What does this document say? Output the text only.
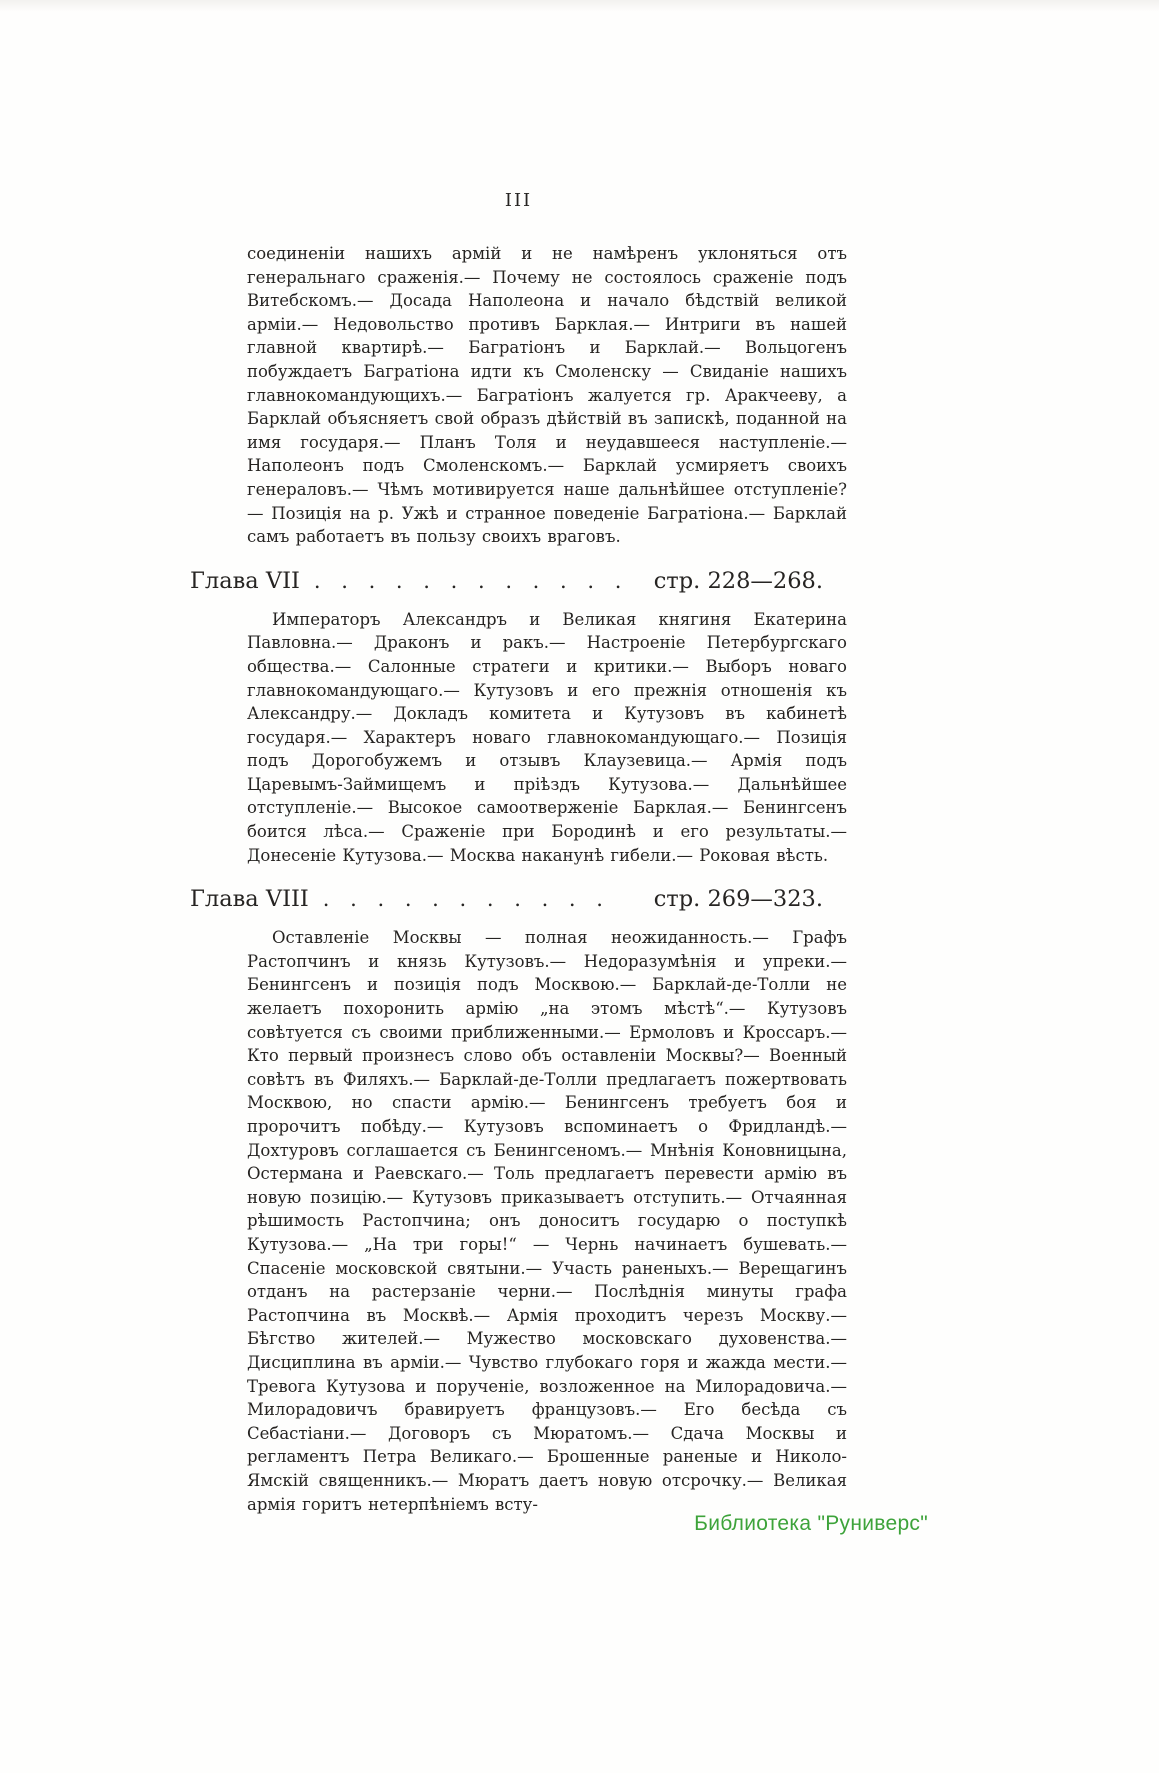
III

соединеніи нашихъ армій и не намѣренъ уклоняться отъ генеральнаго сраженія.— Почему не состоялось сраженіе подъ Витебскомъ.— Досада Наполеона и начало бѣдствій великой арміи.— Недовольство противъ Барклая.— Интриги въ нашей главной квартирѣ.— Багратіонъ и Барклай.— Вольцогенъ побуждаетъ Багратіона идти къ Смоленску — Свиданіе нашихъ главнокомандующихъ.— Багратіонъ жалуется гр. Аракчееву, а Барклай объясняетъ свой образъ дѣйствій въ запискѣ, поданной на имя государя.— Планъ Толя и неудавшееся наступленіе.— Наполеонъ подъ Смоленскомъ.— Барклай усмиряетъ своихъ генераловъ.— Чѣмъ мотивируется наше дальнѣйшее отступленіе?— Позиція на р. Ужѣ и странное поведеніе Багратіона.— Барклай самъ работаетъ въ пользу своихъ враговъ.

Глава VII . . . . . . . . . . . .	стр. 228—268.

Императоръ Александръ и Великая княгиня Екатерина Павловна.— Драконъ и ракъ.— Настроеніе Петербургскаго общества.— Салонные стратеги и критики.— Выборъ новаго главнокомандующаго.— Кутузовъ и его прежнія отношенія къ Александру.— Докладъ комитета и Кутузовъ въ кабинетѣ государя.— Характеръ новаго главнокомандующаго.— Позиція подъ Дорогобужемъ и отзывъ Клаузевица.— Армія подъ Царевымъ-Займищемъ и пріѣздъ Кутузова.— Дальнѣйшее отступленіе.— Высокое самоотверженіе Барклая.— Бенингсенъ боится лѣса.— Сраженіе при Бородинѣ и его результаты.— Донесеніе Кутузова.— Москва наканунѣ гибели.— Роковая вѣсть.

Глава VIII . . . . . . . . . . .	стр. 269—323.

Оставленіе Москвы — полная неожиданность.— Графъ Растопчинъ и князь Кутузовъ.— Недоразумѣнія и упреки.— Бенингсенъ и позиція подъ Москвою.— Барклай-де-Толли не желаетъ похоронить армію „на этомъ мѣстѣ“.— Кутузовъ совѣтуется съ своими приближенными.— Ермоловъ и Кроссаръ.— Кто первый произнесъ слово объ оставленіи Москвы?— Военный совѣтъ въ Филяхъ.— Барклай-де-Толли предлагаетъ пожертвовать Москвою, но спасти армію.— Бенингсенъ требуетъ боя и пророчитъ побѣду.— Кутузовъ вспоминаетъ о Фридландѣ.— Дохтуровъ соглашается съ Бенингсеномъ.— Мнѣнія Коновницына, Остермана и Раевскаго.— Толь предлагаетъ перевести армію въ новую позицію.— Кутузовъ приказываетъ отступить.— Отчаянная рѣшимость Растопчина; онъ доноситъ государю о поступкѣ Кутузова.— „На три горы!“ — Чернь начинаетъ бушевать.— Спасеніе московской святыни.— Участь раненыхъ.— Верещагинъ отданъ на растерзаніе черни.— Послѣднія минуты графа Растопчина въ Москвѣ.— Армія проходитъ черезъ Москву.— Бѣгство жителей.— Мужество московскаго духовенства.— Дисциплина въ арміи.— Чувство глубокаго горя и жажда мести.— Тревога Кутузова и порученіе, возложенное на Милорадовича.— Милорадовичъ бравируетъ французовъ.— Его бесѣда съ Себастіани.— Договоръ съ Мюратомъ.— Сдача Москвы и регламентъ Петра Великаго.— Брошенные раненые и Николо-Ямскій священникъ.— Мюратъ даетъ новую отсрочку.— Великая армія горитъ нетерпѣніемъ всту-

Библиотека "Руниверс"
